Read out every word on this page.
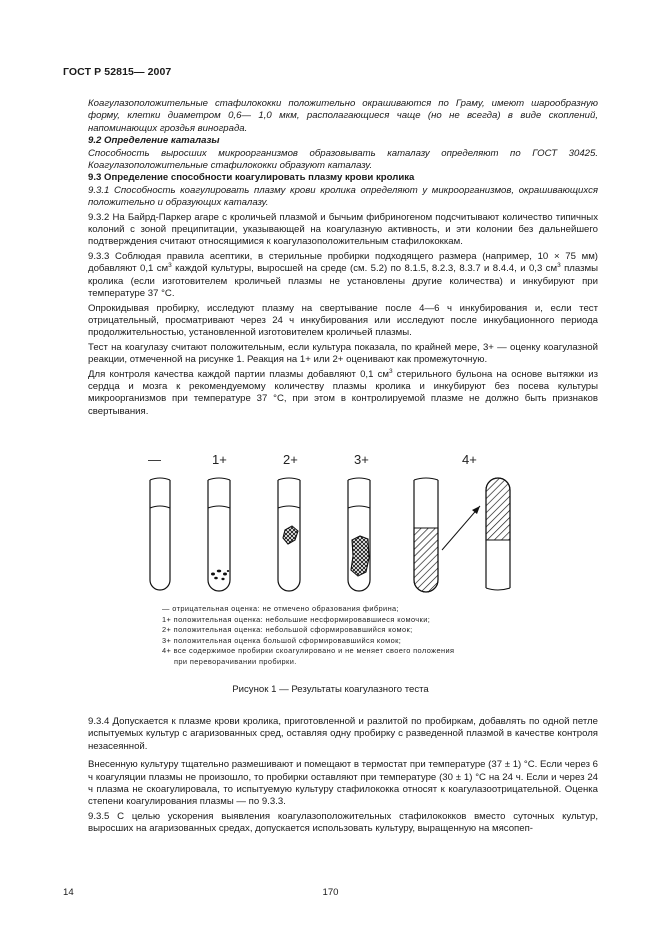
ГОСТ Р 52815— 2007

Коагулазоположительные стафилококки положительно окрашиваются по Граму, имеют шарообразную форму, клетки диаметром 0,6— 1,0 мкм, располагающиеся чаще (но не всегда) в виде скоплений, напоминающих гроздья винограда.

9.2 Определение каталазы

Способность выросших микроорганизмов образовывать каталазу определяют по ГОСТ 30425. Коагулазоположительные стафилококки образуют каталазу.

9.3 Определение способности коагулировать плазму крови кролика

9.3.1 Способность коагулировать плазму крови кролика определяют у микроорганизмов, окрашивающихся положительно и образующих каталазу.

9.3.2 На Байрд-Паркер агаре с кроличьей плазмой и бычьим фибриногеном подсчитывают количество типичных колоний с зоной преципитации, указывающей на коагулазную активность, и эти колонии без дальнейшего подтверждения считают относящимися к коагулазоположительным стафилококкам.

9.3.3 Соблюдая правила асептики, в стерильные пробирки подходящего размера (например, 10 × 75 мм) добавляют 0,1 $см^3$ каждой культуры, выросшей на среде (см. 5.2) по 8.1.5, 8.2.3, 8.3.7 и 8.4.4, и 0,3 $см^3$ плазмы кролика (если изготовителем кроличьей плазмы не установлены другие количества) и инкубируют при температуре 37 °С.

Опрокидывая пробирку, исследуют плазму на свертывание после 4—6 ч инкубирования и, если тест отрицательный, просматривают через 24 ч инкубирования или исследуют после инкубационного периода продолжительностью, установленной изготовителем кроличьей плазмы.

Тест на коагулазу считают положительным, если культура показала, по крайней мере, 3+ — оценку коагулазной реакции, отмеченной на рисунке 1. Реакция на 1+ или 2+ оценивают как промежуточную.

Для контроля качества каждой партии плазмы добавляют 0,1 $см^3$ стерильного бульона на основе вытяжки из сердца и мозга к рекомендуемому количеству плазмы кролика и инкубируют без посева культуры микроорганизмов при температуре 37 °С, при этом в контролируемой плазме не должно быть признаков свертывания.

—	1+	2+	3+	4+
— отрицательная оценка: не отмечено образования фибрина;
1+ положительная оценка: небольшие несформировавшиеся комочки;
2+ положительная оценка: небольшой сформировавшийся комок;
3+ положительная оценка большой сформировавшийся комок;
4+ все содержимое пробирки скоагулировано и не меняет своего положения
при переворачивании пробирки.
Рисунок 1 — Результаты коагулазного теста

9.3.4 Допускается к плазме крови кролика, приготовленной и разлитой по пробиркам, добавлять по одной петле испытуемых культур с агаризованных сред, оставляя одну пробирку с разведенной плазмой в качестве контроля незасеянной.

Внесенную культуру тщательно размешивают и помещают в термостат при температуре (37 ± 1) °С. Если через 6 ч коагуляции плазмы не произошло, то пробирки оставляют при температуре (30 ± 1) °С на 24 ч. Если и через 24 ч плазма не скоагулировала, то испытуемую культуру стафилококка относят к коагулазоотрицательной. Оценка степени коагулирования плазмы — по 9.3.3.

9.3.5 С целью ускорения выявления коагулазоположительных стафилококков вместо суточных культур, выросших на агаризованных средах, допускается использовать культуру, выращенную на мясопеп-

14	170
